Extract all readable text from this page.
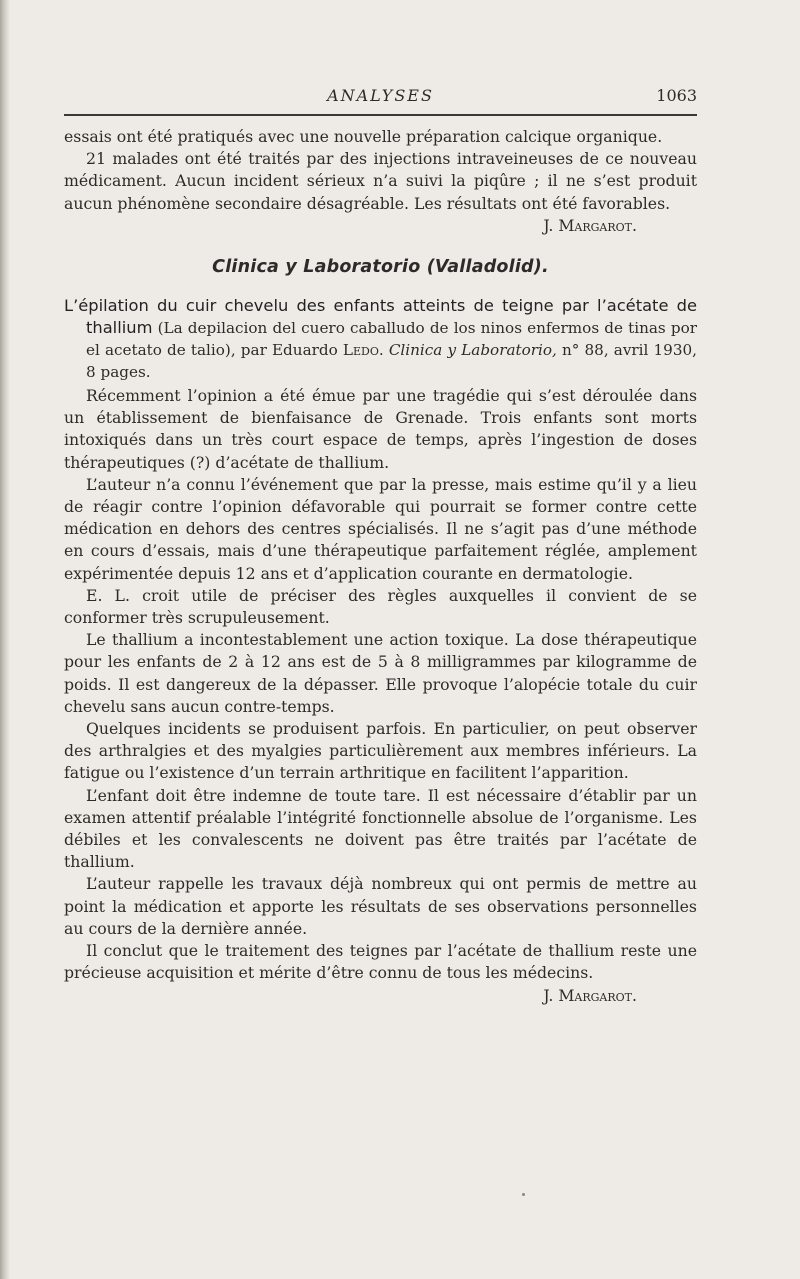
ANALYSES	1063

essais ont été pratiqués avec une nouvelle préparation calcique organique.

21 malades ont été traités par des injections intraveineuses de ce nouveau médicament. Aucun incident sérieux n’a suivi la piqûre ; il ne s’est produit aucun phénomène secondaire désagréable. Les résultats ont été favorables.

J. Margarot.
Clinica y Laboratorio (Valladolid).

L’épilation du cuir chevelu des enfants atteints de teigne par l’acétate de thallium (La depilacion del cuero caballudo de los ninos enfermos de tinas por el acetato de talio), par Eduardo Ledo. Clinica y Laboratorio, n° 88, avril 1930, 8 pages.

Récemment l’opinion a été émue par une tragédie qui s’est déroulée dans un établissement de bienfaisance de Grenade. Trois enfants sont morts intoxiqués dans un très court espace de temps, après l’ingestion de doses thérapeutiques (?) d’acétate de thallium.

L’auteur n’a connu l’événement que par la presse, mais estime qu’il y a lieu de réagir contre l’opinion défavorable qui pourrait se former contre cette médication en dehors des centres spécialisés. Il ne s’agit pas d’une méthode en cours d’essais, mais d’une thérapeutique parfaitement réglée, amplement expérimentée depuis 12 ans et d’application courante en dermatologie.

E. L. croit utile de préciser des règles auxquelles il convient de se conformer très scrupuleusement.

Le thallium a incontestablement une action toxique. La dose thérapeutique pour les enfants de 2 à 12 ans est de 5 à 8 milligrammes par kilogramme de poids. Il est dangereux de la dépasser. Elle provoque l’alopécie totale du cuir chevelu sans aucun contre-temps.

Quelques incidents se produisent parfois. En particulier, on peut observer des arthralgies et des myalgies particulièrement aux membres inférieurs. La fatigue ou l’existence d’un terrain arthritique en facilitent l’apparition.

L’enfant doit être indemne de toute tare. Il est nécessaire d’établir par un examen attentif préalable l’intégrité fonctionnelle absolue de l’organisme. Les débiles et les convalescents ne doivent pas être traités par l’acétate de thallium.

L’auteur rappelle les travaux déjà nombreux qui ont permis de mettre au point la médication et apporte les résultats de ses observations personnelles au cours de la dernière année.

Il conclut que le traitement des teignes par l’acétate de thallium reste une précieuse acquisition et mérite d’être connu de tous les médecins.

J. Margarot.
